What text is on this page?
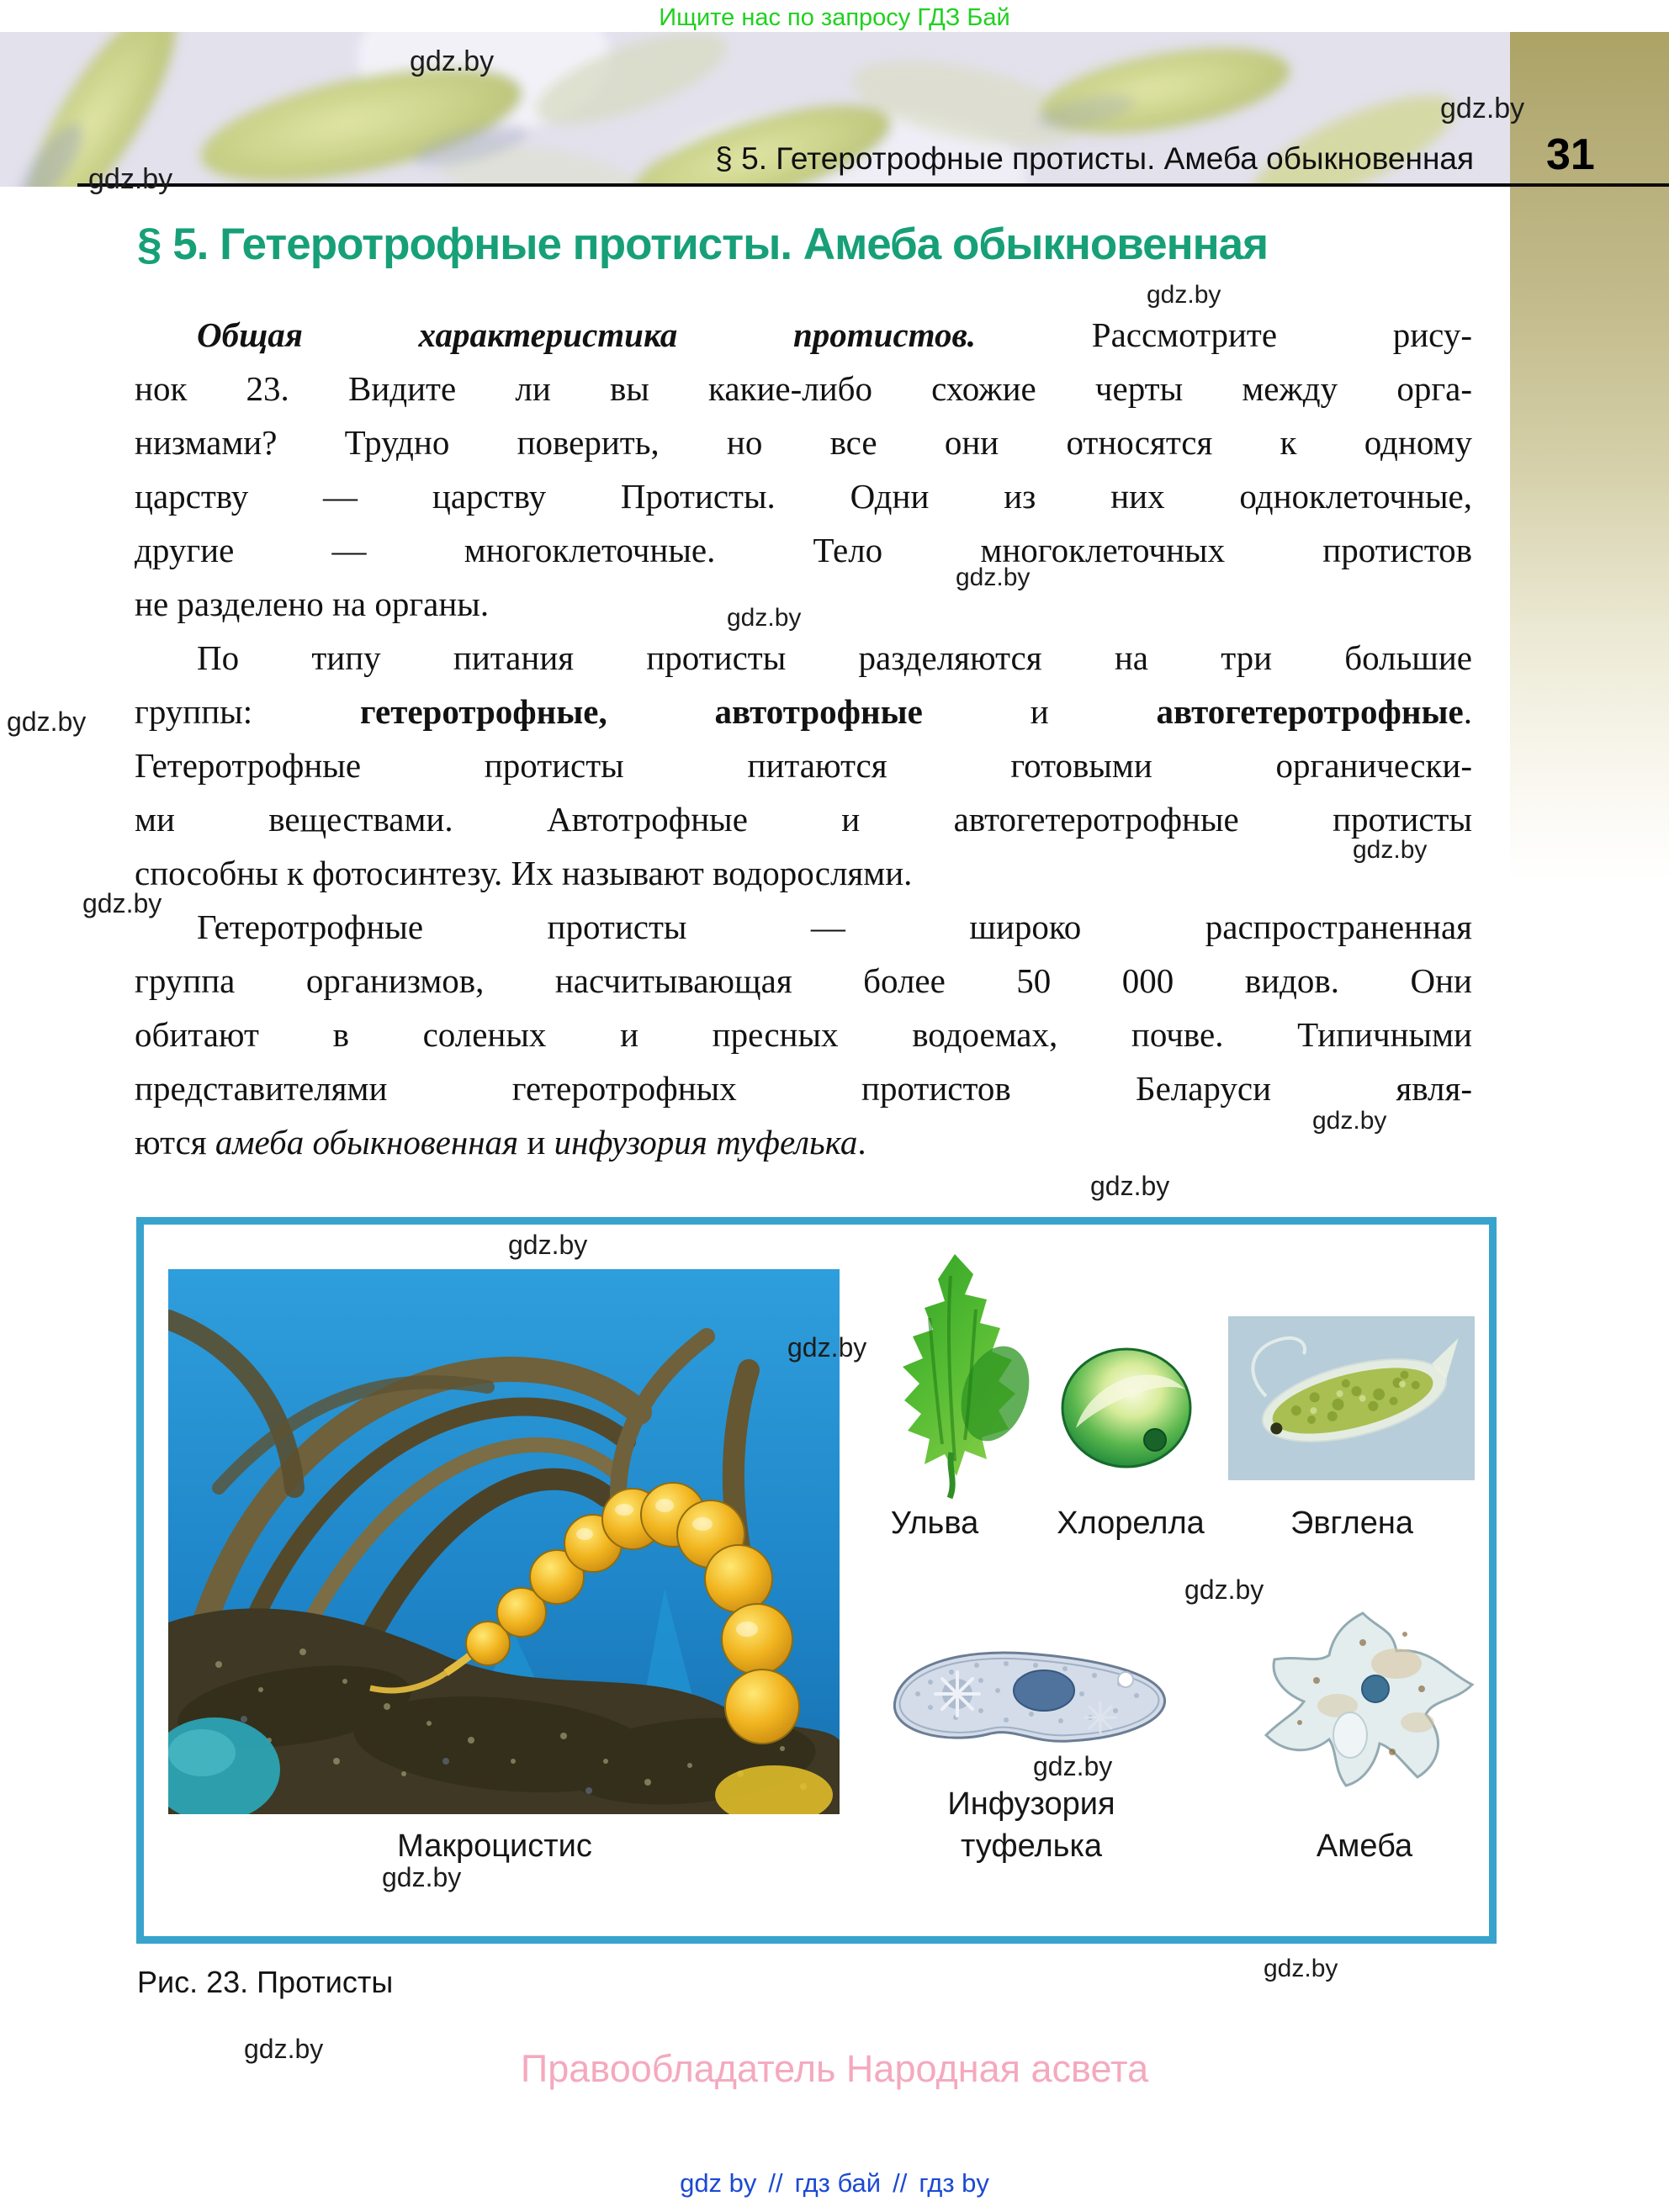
Ищите нас по запросу ГДЗ Бай
§ 5. Гетеротрофные протисты. Амеба обыкновенная 31
§ 5. Гетеротрофные протисты. Амеба обыкновенная
Общая характеристика протистов. Рассмотрите рису-
нок 23. Видите ли вы какие-либо схожие черты между орга-
низмами? Трудно поверить, но все они относятся к одному
царству — царству Протисты. Одни из них одноклеточные,
другие — многоклеточные. Тело многоклеточных протистов
не разделено на органы.
По типу питания протисты разделяются на три большие
группы: гетеротрофные, автотрофные и автогетеротрофные.
Гетеротрофные протисты питаются готовыми органически-
ми веществами. Автотрофные и автогетеротрофные протисты
способны к фотосинтезу. Их называют водорослями.
Гетеротрофные протисты — широко распространенная
группа организмов, насчитывающая более 50 000 видов. Они
обитают в соленых и пресных водоемах, почве. Типичными
представителями гетеротрофных протистов Беларуси явля-
ются амеба обыкновенная и инфузория туфелька.
Ульва Хлорелла	Эвглена
Инфузория
туфелька	Амеба
Макроцистис
Рис. 23. Протисты
Правообладатель Народная асвета
gdz by // гдз бай // гдз by
gdz.by
gdz.by
gdz.by
gdz.by
gdz.by
gdz.by
gdz.by
gdz.by
gdz.by
gdz.by
gdz.by
gdz.by
gdz.by
gdz.by
gdz.by
gdz.by
gdz.by
gdz.by
